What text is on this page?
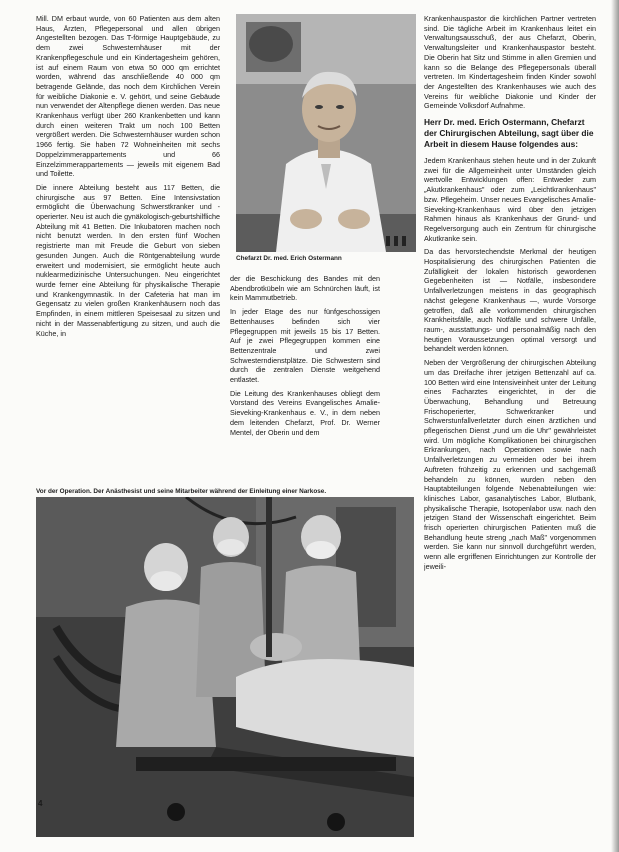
Mill. DM erbaut wurde, von 60 Patienten aus dem alten Haus, Ärzten, Pflegepersonal und allen übrigen Angestellten bezogen. Das T-förmige Hauptgebäude, zu dem zwei Schwesternhäuser mit der Krankenpflegeschule und ein Kindertagesheim gehören, ist auf einem Raum von etwa 50 000 qm errichtet worden, während das anschließende 40 000 qm betragende Gelände, das noch dem Kirchlichen Verein für weibliche Diakonie e. V. gehört, und seine Gebäude nun verwendet der Altenpflege dienen werden. Das neue Krankenhaus verfügt über 260 Krankenbetten und kann durch einen weiteren Trakt um noch 100 Betten vergrößert werden. Die Schwesternhäuser wurden schon 1966 fertig. Sie haben 72 Wohneinheiten mit sechs Doppelzimmerappartements und 66 Einzelzimmerappartements — jeweils mit eigenem Bad und Toilette.

Die innere Abteilung besteht aus 117 Betten, die chirurgische aus 97 Betten. Eine Intensivstation ermöglicht die Überwachung Schwerstkranker und -operierter. Neu ist auch die gynäkologisch-geburtshilfliche Abteilung mit 41 Betten. Die Inkubatoren machen noch nicht benutzt werden. In den ersten fünf Wochen registrierte man mit Freude die Geburt von sieben gesunden Jungen. Auch die Röntgenabteilung wurde erweitert und modernisiert, sie ermöglicht heute auch nuklearmedizinische Untersuchungen. Neu eingerichtet wurde ferner eine Abteilung für physikalische Therapie und Krankengymnastik. In der Cafeteria hat man im Gegensatz zu vielen großen Krankenhäusern noch das Empfinden, in einem mittleren Speisesaal zu sitzen und nicht in der Massenabfertigung zu sitzen, und auch die Küche, in

Chefarzt Dr. med. Erich Ostermann

der die Beschickung des Bandes mit den Abendbrotkübeln wie am Schnürchen läuft, ist kein Mammutbetrieb.

In jeder Etage des nur fünfgeschossigen Bettenhauses befinden sich vier Pflegegruppen mit jeweils 15 bis 17 Betten. Auf je zwei Pflegegruppen kommen eine Bettenzentrale und zwei Schwesterndienstplätze. Die Schwestern sind durch die zentralen Dienste weitgehend entlastet.

Die Leitung des Krankenhauses obliegt dem Vorstand des Vereins Evangelisches Amalie-Sieveking-Krankenhaus e. V., in dem neben dem leitenden Chefarzt, Prof. Dr. Werner Mentel, der Oberin und dem

Krankenhauspastor die kirchlichen Partner vertreten sind. Die tägliche Arbeit im Krankenhaus leitet ein Verwaltungsausschuß, der aus Chefarzt, Oberin, Verwaltungsleiter und Krankenhauspastor besteht. Die Oberin hat Sitz und Stimme in allen Gremien und kann so die Belange des Pflegepersonals überall vertreten. Im Kindertagesheim finden Kinder sowohl der Angestellten des Krankenhauses wie auch des Vereins für weibliche Diakonie und Kinder der Gemeinde Volksdorf Aufnahme.

Herr Dr. med. Erich Ostermann, Chefarzt der Chirurgischen Abteilung, sagt über die Arbeit in diesem Hause folgendes aus:

Jedem Krankenhaus stehen heute und in der Zukunft zwei für die Allgemeinheit unter Umständen gleich wertvolle Entwicklungen offen: Entweder zum „Akutkrankenhaus" oder zum „Leichtkrankenhaus" bzw. Pflegeheim. Unser neues Evangelisches Amalie-Sieveking-Krankenhaus wird über den jetzigen Rahmen hinaus als Krankenhaus der Grund- und Regelversorgung auch ein Zentrum für chirurgische Akutkranke sein.

Da das hervorstechendste Merkmal der heutigen Hospitalisierung des chirurgischen Patienten die Zufälligkeit der lokalen historisch gewordenen Gegebenheiten ist — Notfälle, insbesondere Unfallverletzungen meistens in das geographisch nächst gelegene Krankenhaus —, wurde Vorsorge getroffen, daß alle vorkommenden chirurgischen Krankheitsfälle, auch Notfälle und schwere Unfälle, raum-, ausstattungs- und personalmäßig nach den heutigen Voraussetzungen optimal versorgt und behandelt werden können.

Neben der Vergrößerung der chirurgischen Abteilung um das Dreifache ihrer jetzigen Bettenzahl auf ca. 100 Betten wird eine Intensiveinheit unter der Leitung eines Facharztes eingerichtet, in der die Überwachung, Behandlung und Betreuung Frischoperierter, Schwerkranker und Schwerstunfallverletzter durch einen ärztlichen und pflegerischen Dienst „rund um die Uhr" gewährleistet wird. Um mögliche Komplikationen bei chirurgischen Erkrankungen, nach Operationen sowie nach Unfallverletzungen zu vermeiden oder bei ihrem Auftreten frühzeitig zu erkennen und sachgemäß behandeln zu können, wurden neben den Hauptabteilungen folgende Nebenabteilungen wie: klinisches Labor, gasanalytisches Labor, Blutbank, physikalische Therapie, Isotopenlabor usw. nach den jetzigen Stand der Wissenschaft eingerichtet. Beim frisch operierten chirurgischen Patienten muß die Behandlung heute streng „nach Maß" vorgenommen werden. Sie kann nur sinnvoll durchgeführt werden, wenn alle ergriffenen Einrichtungen zur Kontrolle der jeweili-

Vor der Operation. Der Anästhesist und seine Mitarbeiter während der Einleitung einer Narkose.
4
